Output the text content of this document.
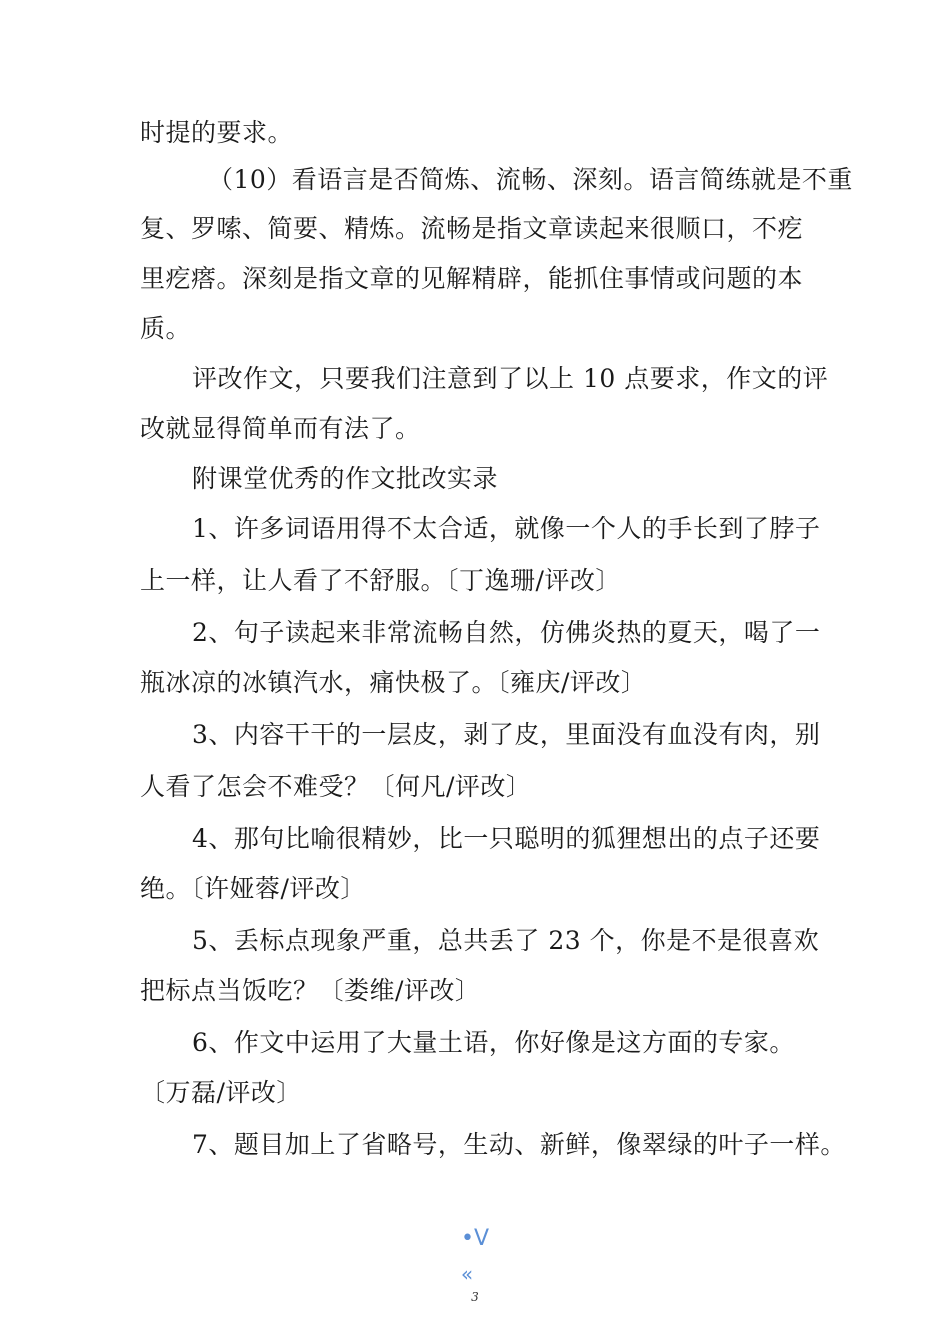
时提的要求。
（10）看语言是否简炼、流畅、深刻。语言简练就是不重
复、罗嗦、简要、精炼。流畅是指文章读起来很顺口，不疙
里疙瘩。深刻是指文章的见解精辟，能抓住事情或问题的本
质。
评改作文，只要我们注意到了以上 10 点要求，作文的评
改就显得简单而有法了。
附课堂优秀的作文批改实录
1、许多词语用得不太合适，就像一个人的手长到了脖子
上一样，让人看了不舒服。〔丁逸珊/评改〕
2、句子读起来非常流畅自然，仿佛炎热的夏天，喝了一
瓶冰凉的冰镇汽水，痛快极了。〔雍庆/评改〕
3、内容干干的一层皮，剥了皮，里面没有血没有肉，别
人看了怎会不难受？〔何凡/评改〕
4、那句比喻很精妙，比一只聪明的狐狸想出的点子还要
绝。〔许娅蓉/评改〕
5、丢标点现象严重，总共丢了 23 个，你是不是很喜欢
把标点当饭吃？〔娄维/评改〕
6、作文中运用了大量土语，你好像是这方面的专家。
〔万磊/评改〕
7、题目加上了省略号，生动、新鲜，像翠绿的叶子一样。
•V
«
3
